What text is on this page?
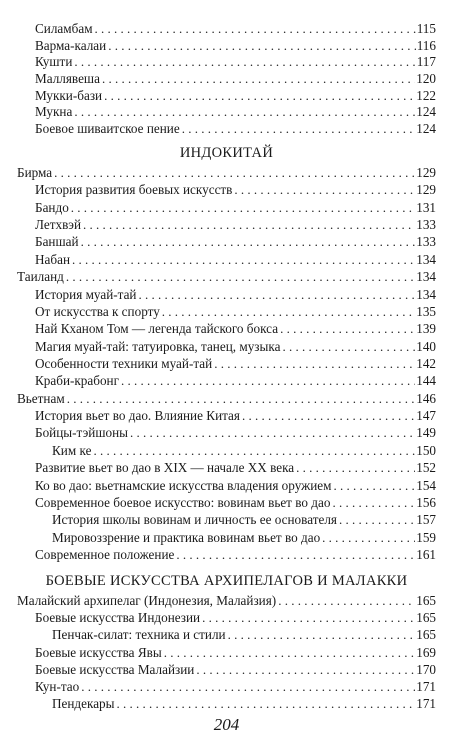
Силамбам . . .	115
Варма-калаи . . .	116
Кушти . . .	117
Маллявеша . . .	120
Мукки-бази . . .	122
Мукна . . .	124
Боевое шиваитское пение . . .	124
ИНДОКИТАЙ
Бирма . . .	129
История развития боевых искусств . . .	129
Бандо . . .	131
Летхвэй . . .	133
Баншай . . .	133
Набан . . .	134
Таиланд . . .	134
История муай-тай . . .	134
От искусства к спорту . . .	135
Най Кханом Том — легенда тайского бокса . . .	139
Магия муай-тай: татуировка, танец, музыка . . .	140
Особенности техники муай-тай . . .	142
Краби-крабонг . . .	144
Вьетнам . . .	146
История вьет во дао. Влияние Китая . . .	147
Бойцы-тэйшоны . . .	149
Ким ке . . .	150
Развитие вьет во дао в XIX — начале XX века . . .	152
Ко во дао: вьетнамские искусства владения оружием . . .	154
Современное боевое искусство: вовинам вьет во дао . . .	156
История школы вовинам и личность ее основателя . . .	157
Мировоззрение и практика вовинам вьет во дао . . .	159
Современное положение . . .	161
БОЕВЫЕ ИСКУССТВА АРХИПЕЛАГОВ И МАЛАККИ
Малайский архипелаг (Индонезия, Малайзия) . . .	165
Боевые искусства Индонезии . . .	165
Пенчак-силат: техника и стили . . .	165
Боевые искусства Явы . . .	169
Боевые искусства Малайзии . . .	170
Кун-тао . . .	171
Пендекары . . .	171
204
